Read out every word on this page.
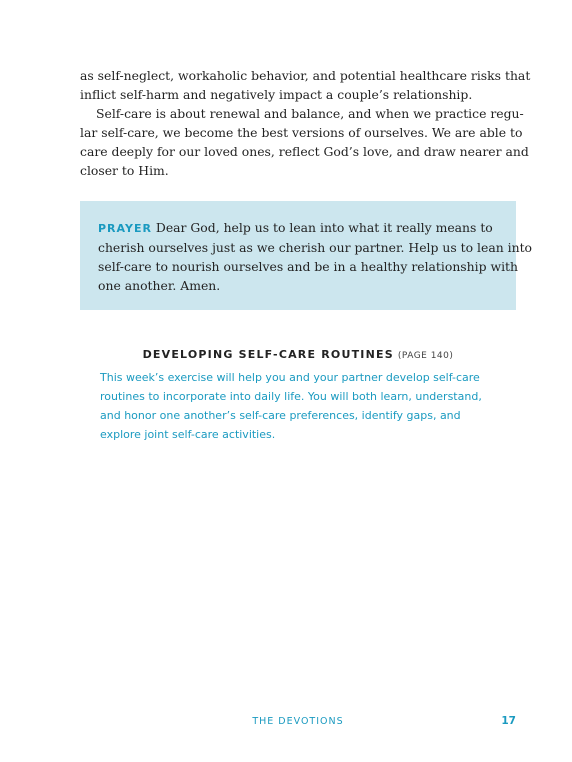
as self-neglect, workaholic behavior, and potential healthcare risks that
inflict self-harm and negatively impact a couple’s relationship.

Self-care is about renewal and balance, and when we practice regu-
lar self-care, we become the best versions of ourselves. We are able to
care deeply for our loved ones, reflect God’s love, and draw nearer and
closer to Him.

PRAYER Dear God, help us to lean into what it really means to
cherish ourselves just as we cherish our partner. Help us to lean into
self-care to nourish ourselves and be in a healthy relationship with
one another. Amen.

DEVELOPING SELF-CARE ROUTINES (PAGE 140)

This week’s exercise will help you and your partner develop self-care
routines to incorporate into daily life. You will both learn, understand,
and honor one another’s self-care preferences, identify gaps, and
explore joint self-care activities.

THE DEVOTIONS	17
